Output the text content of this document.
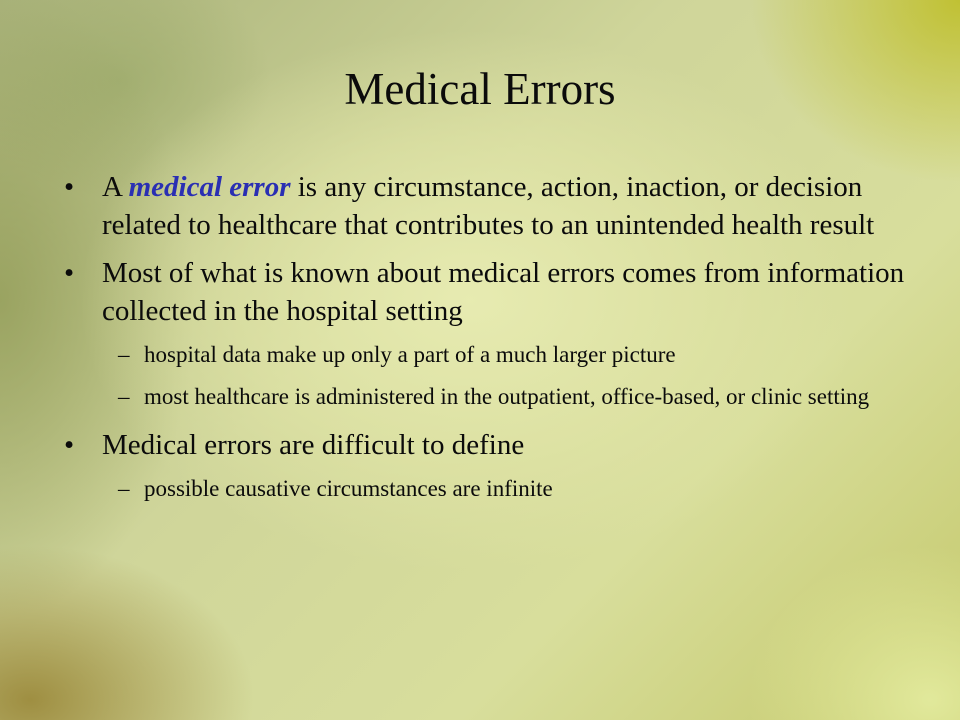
Medical Errors
• A medical error is any circumstance, action, inaction, or decision related to healthcare that contributes to an unintended health result
• Most of what is known about medical errors comes from information collected in the hospital setting
– hospital data make up only a part of a much larger picture
– most healthcare is administered in the outpatient, office-based, or clinic setting
• Medical errors are difficult to define
– possible causative circumstances are infinite
